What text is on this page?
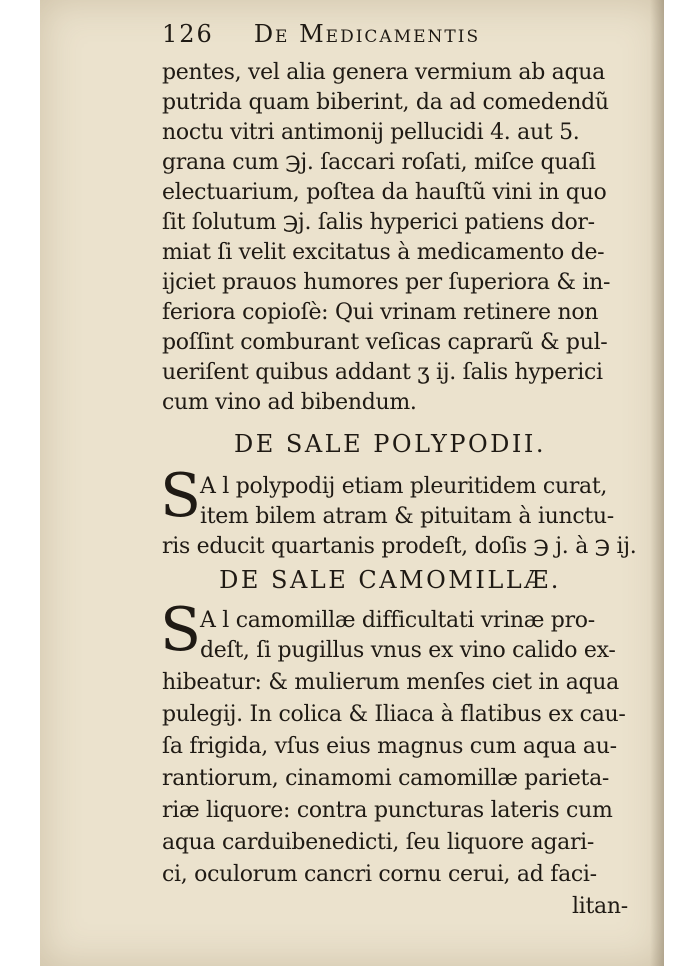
126 De Medicamentis
pentes, vel alia genera vermium ab aqua
putrida quam biberint, da ad comedendũ
noctu vitri antimonij pellucidi 4. aut 5.
grana cum ℈j. ſaccari roſati, miſce quaſi
electuarium, poſtea da hauſtũ vini in quo
ſit ſolutum ℈j. ſalis hyperici patiens dor-
miat ſi velit excitatus à medicamento de-
ijciet prauos humores per ſuperiora & in-
feriora copioſè: Qui vrinam retinere non
poſſint comburant veſicas caprarũ & pul-
ueriſent quibus addant ʒ ij. ſalis hyperici
cum vino ad bibendum.
DE SALE POLYPODII.
S
A l polypodij etiam pleuritidem curat,
item bilem atram & pituitam à iunctu-
ris educit quartanis prodeſt, doſis ℈ j. à ℈ ij.
DE SALE CAMOMILLÆ.
S
A l camomillæ difficultati vrinæ pro-
deſt, ſi pugillus vnus ex vino calido ex-
hibeatur: & mulierum menſes ciet in aqua
pulegij. In colica & Iliaca à flatibus ex cau-
ſa frigida, vſus eius magnus cum aqua au-
rantiorum, cinamomi camomillæ parieta-
riæ liquore: contra puncturas lateris cum
aqua carduibenedicti, ſeu liquore agari-
ci, oculorum cancri cornu cerui, ad faci-
litan-
